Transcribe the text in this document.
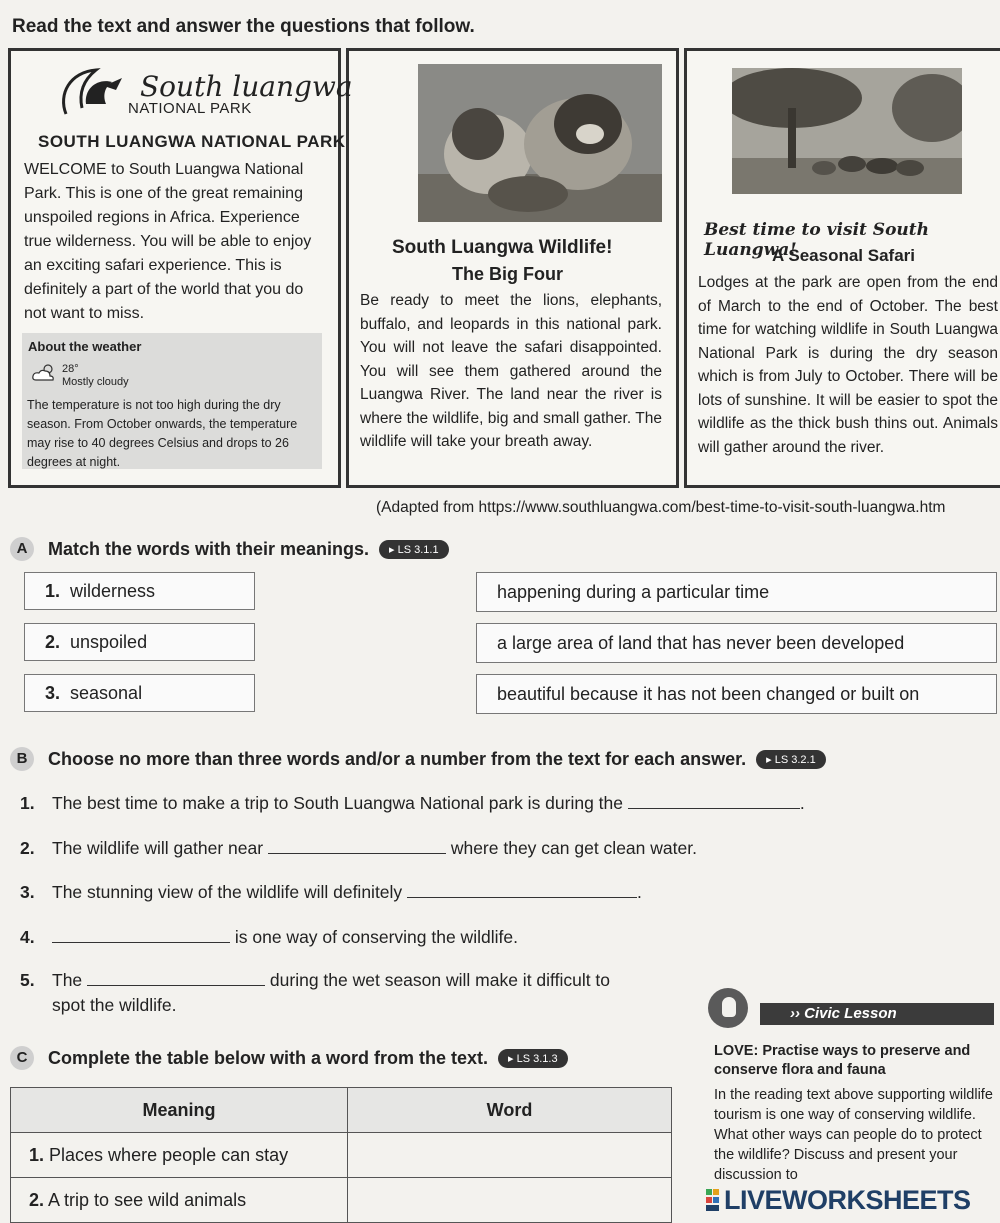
Read the text and answer the questions that follow.
South luangwa
NATIONAL PARK
SOUTH LUANGWA NATIONAL PARK
WELCOME to South Luangwa National Park. This is one of the great remaining unspoiled regions in Africa. Experience true wilderness. You will be able to enjoy an exciting safari experience. This is definitely a part of the world that you do not want to miss.
About the weather
28°
Mostly cloudy
The temperature is not too high during the dry season. From October onwards, the temperature may rise to 40 degrees Celsius and drops to 26 degrees at night.
South Luangwa Wildlife!
The Big Four
Be ready to meet the lions, elephants, buffalo, and leopards in this national park. You will not leave the safari disappointed. You will see them gathered around the Luangwa River. The land near the river is where the wildlife, big and small gather. The wildlife will take your breath away.
Best time to visit South Luangwa!
A Seasonal Safari
Lodges at the park are open from the end of March to the end of October. The best time for watching wildlife in South Luangwa National Park is during the dry season which is from July to October. There will be lots of sunshine. It will be easier to spot the wildlife as the thick bush thins out. Animals will gather around the river.
(Adapted from https://www.southluangwa.com/best-time-to-visit-south-luangwa.htm
A	Match the words with their meanings.	▸ LS 3.1.1
1. wilderness
2. unspoiled
3. seasonal
happening during a particular time
a large area of land that has never been developed
beautiful because it has not been changed or built on
B	Choose no more than three words and/or a number from the text for each answer.	▸ LS 3.2.1
1. The best time to make a trip to South Luangwa National park is during the	.
2. The wildlife will gather near	where they can get clean water.
3. The stunning view of the wildlife will definitely	.
4.	is one way of conserving the wildlife.
5. The	during the wet season will make it difficult to
spot the wildlife.
C	Complete the table below with a word from the text.	▸ LS 3.1.3
Meaning	Word
1. Places where people can stay	
2. A trip to see wild animals	
›› Civic Lesson
LOVE: Practise ways to preserve and conserve flora and fauna
In the reading text above supporting wildlife tourism is one way of conserving wildlife. What other ways can people do to protect the wildlife? Discuss and present your discussion to
LIVEWORKSHEETS
